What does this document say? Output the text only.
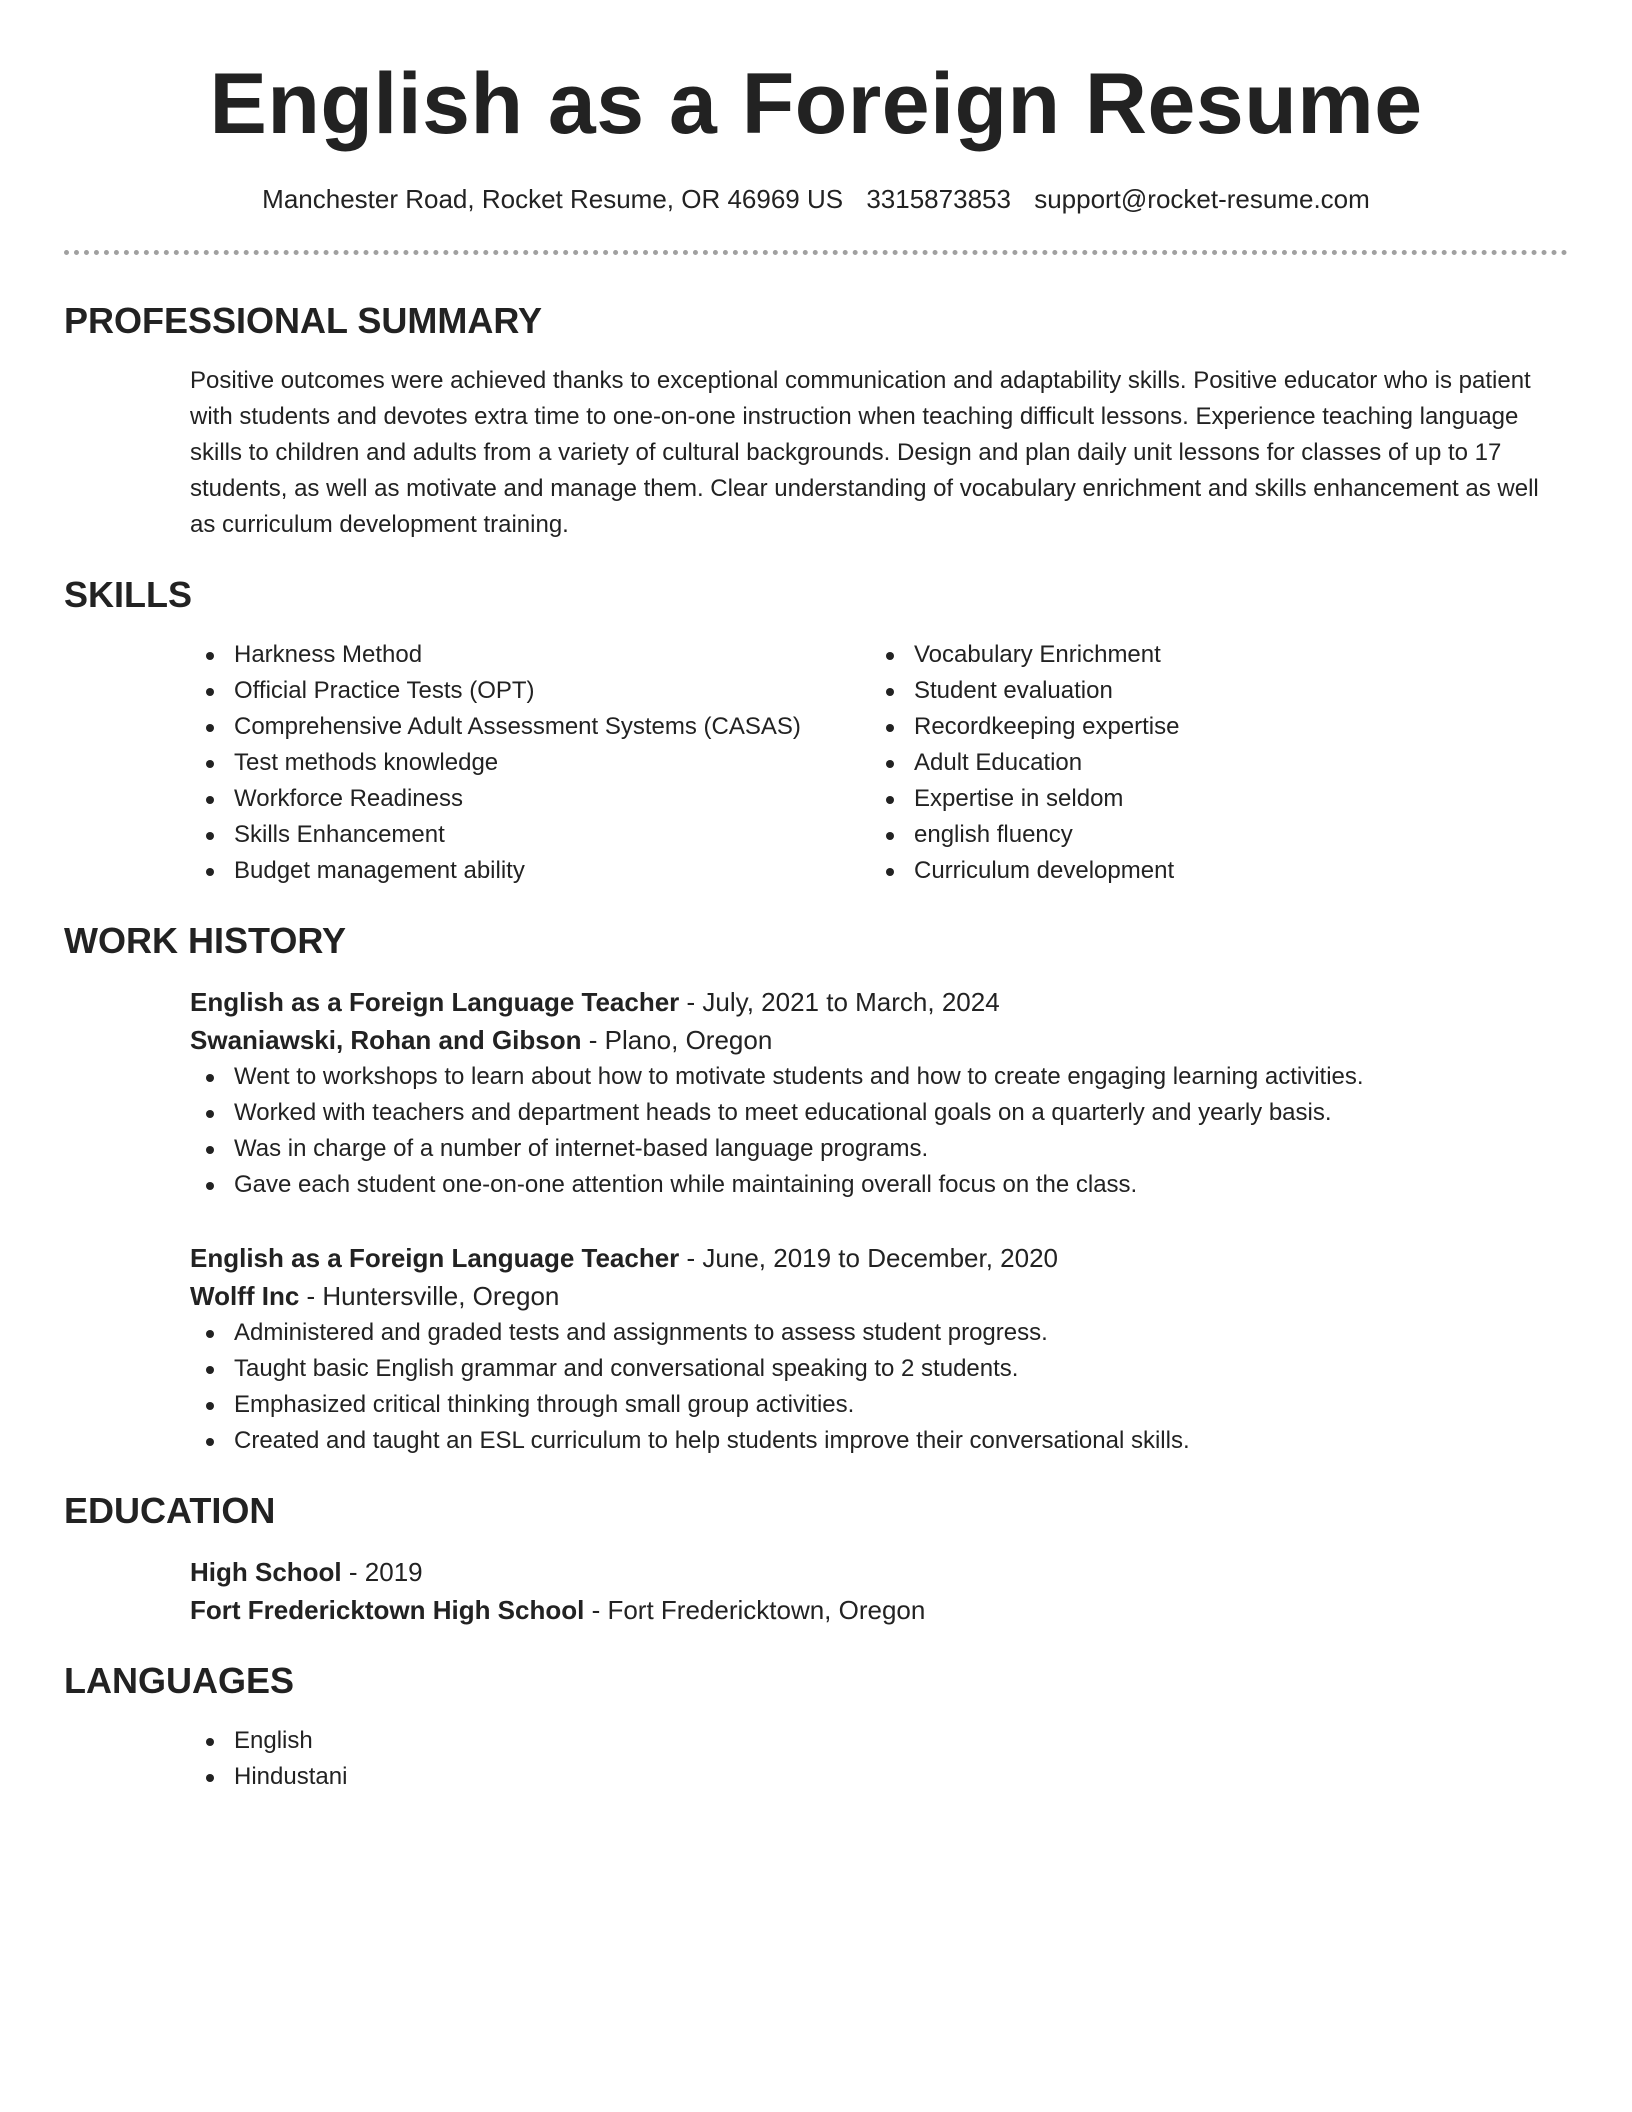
English as a Foreign Resume
Manchester Road, Rocket Resume, OR 46969 US 3315873853 support@rocket-resume.com
PROFESSIONAL SUMMARY

Positive outcomes were achieved thanks to exceptional communication and adaptability skills. Positive educator who is patient with students and devotes extra time to one-on-one instruction when teaching difficult lessons. Experience teaching language skills to children and adults from a variety of cultural backgrounds. Design and plan daily unit lessons for classes of up to 17 students, as well as motivate and manage them. Clear understanding of vocabulary enrichment and skills enhancement as well as curriculum development training.

SKILLS
Harkness Method
Official Practice Tests (OPT)
Comprehensive Adult Assessment Systems (CASAS)
Test methods knowledge
Workforce Readiness
Skills Enhancement
Budget management ability
Vocabulary Enrichment
Student evaluation
Recordkeeping expertise
Adult Education
Expertise in seldom
english fluency
Curriculum development
WORK HISTORY
English as a Foreign Language Teacher - July, 2021 to March, 2024
Swaniawski, Rohan and Gibson - Plano, Oregon
Went to workshops to learn about how to motivate students and how to create engaging learning activities.
Worked with teachers and department heads to meet educational goals on a quarterly and yearly basis.
Was in charge of a number of internet-based language programs.
Gave each student one-on-one attention while maintaining overall focus on the class.
English as a Foreign Language Teacher - June, 2019 to December, 2020
Wolff Inc - Huntersville, Oregon
Administered and graded tests and assignments to assess student progress.
Taught basic English grammar and conversational speaking to 2 students.
Emphasized critical thinking through small group activities.
Created and taught an ESL curriculum to help students improve their conversational skills.
EDUCATION
High School - 2019
Fort Fredericktown High School - Fort Fredericktown, Oregon
LANGUAGES
English
Hindustani
